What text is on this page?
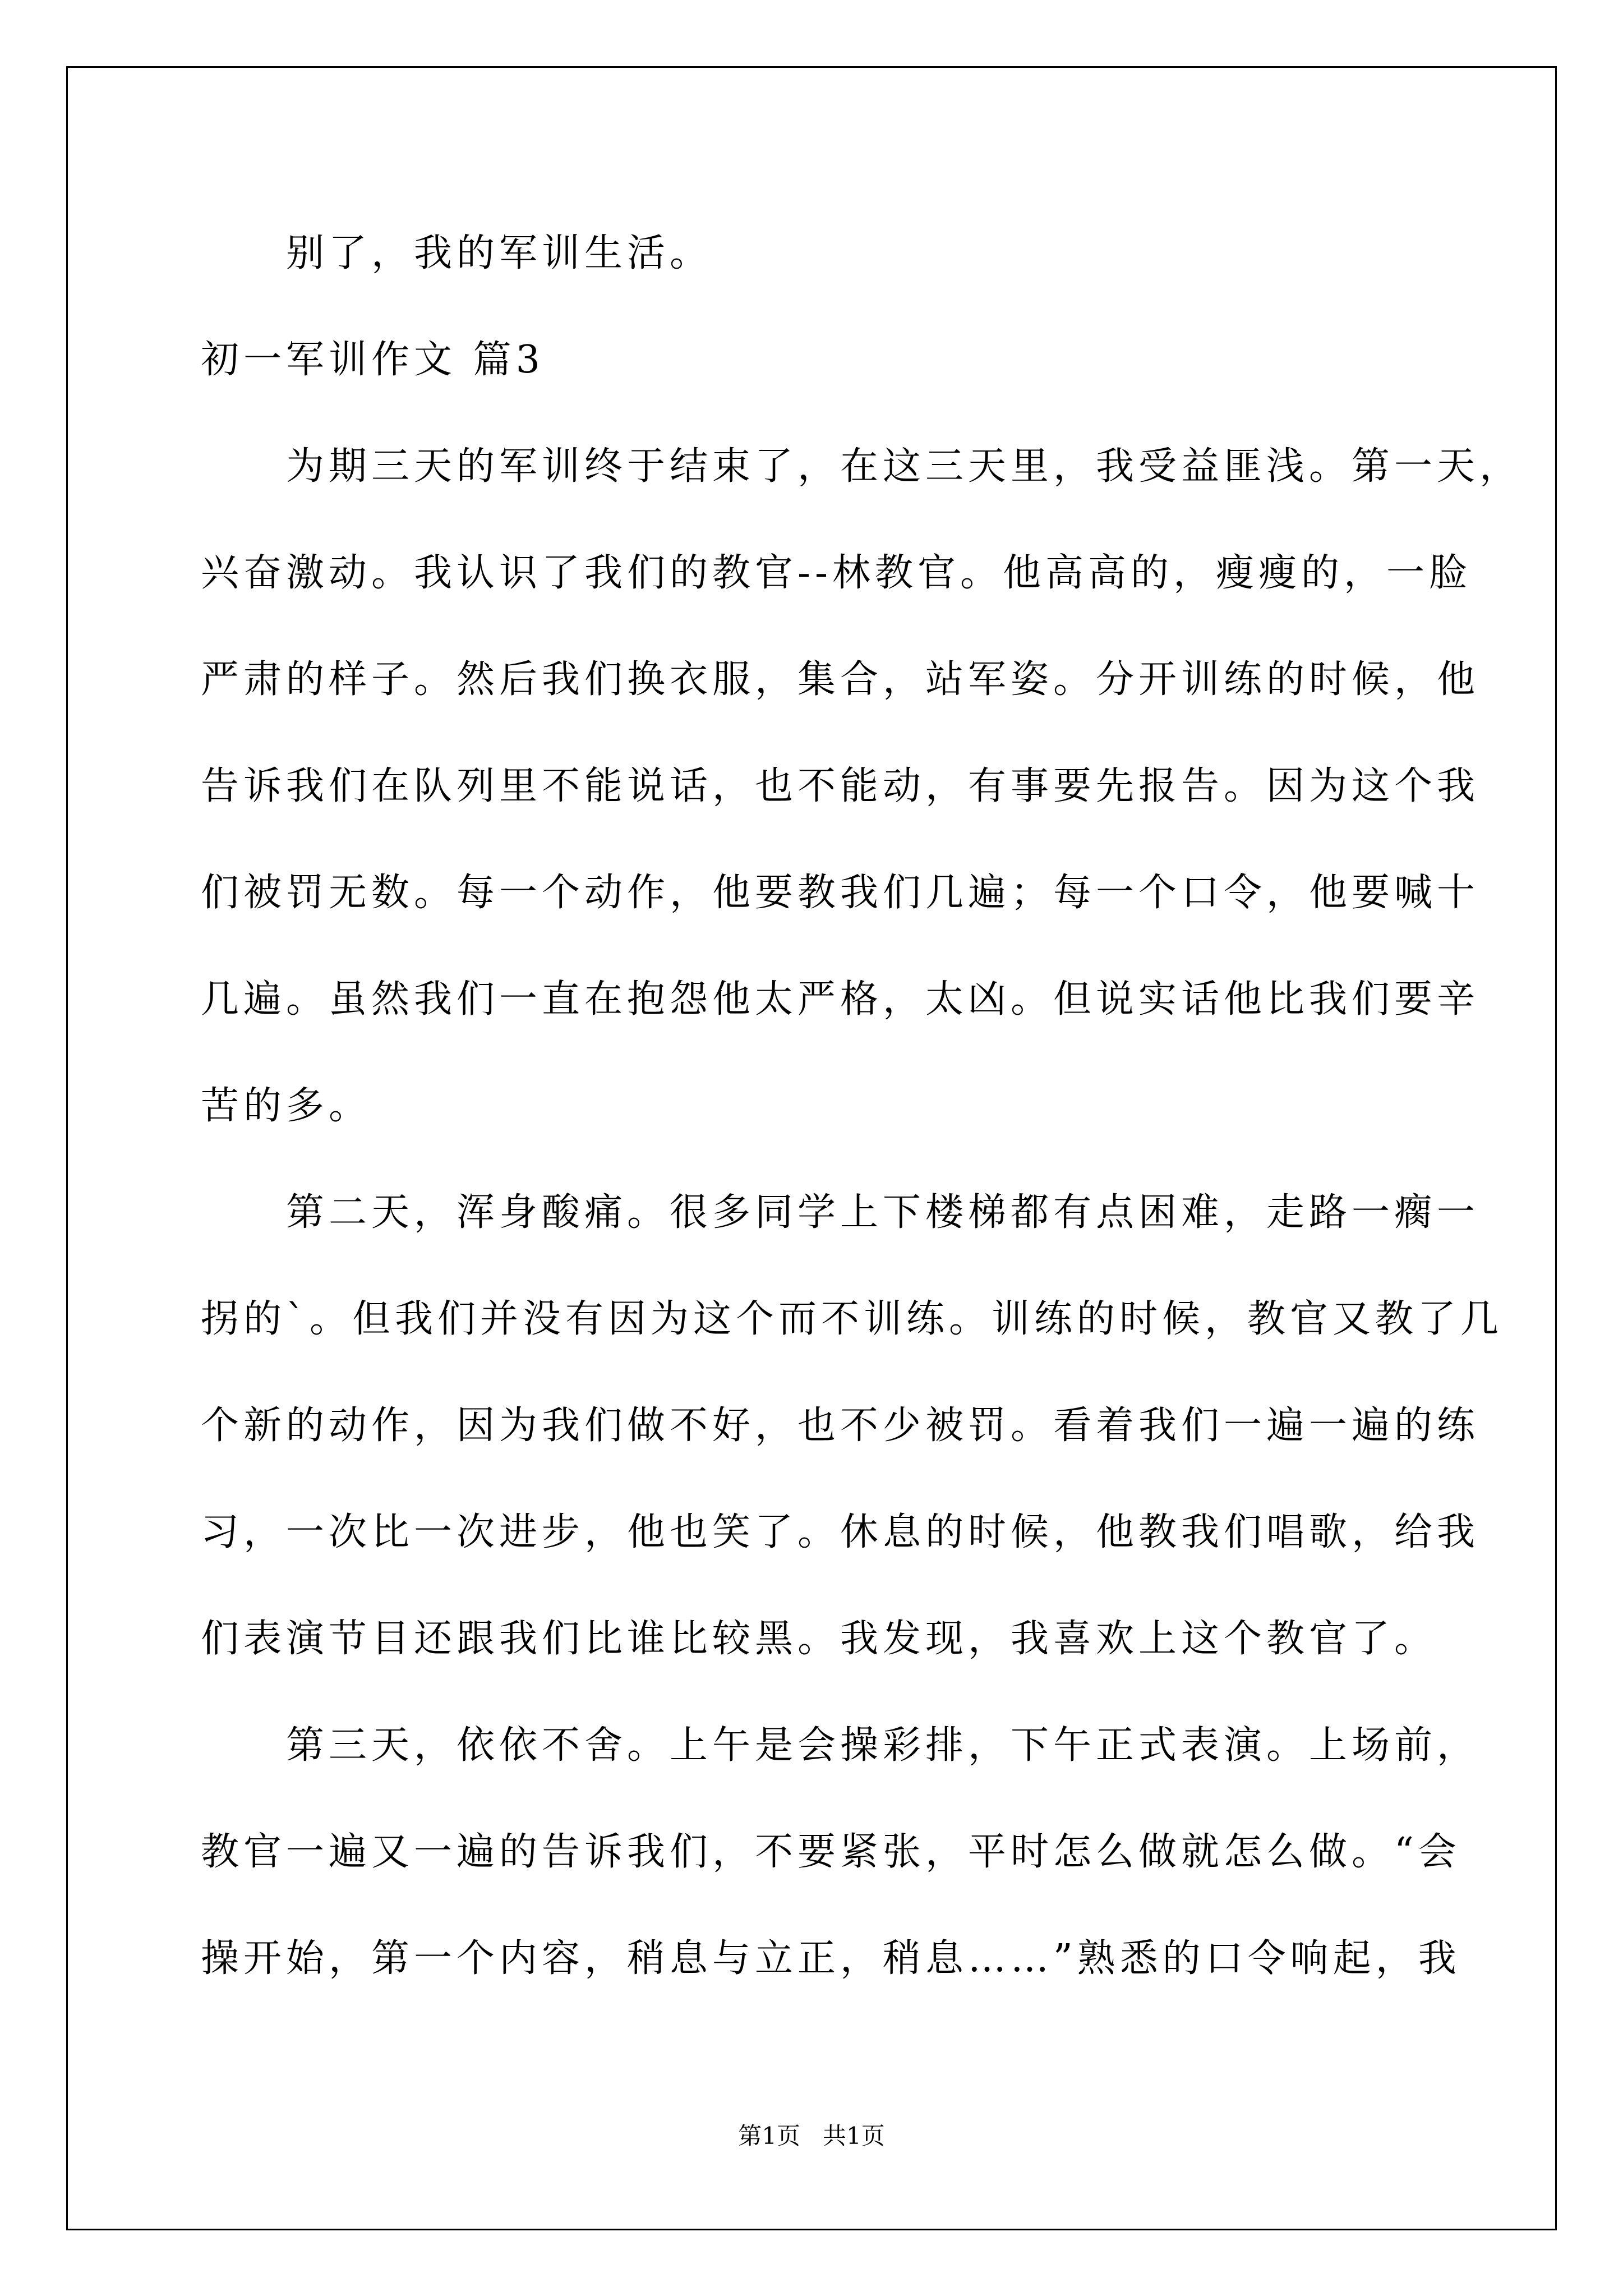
别了，我的军训生活。

初一军训作文 篇3

为期三天的军训终于结束了，在这三天里，我受益匪浅。第一天，

兴奋激动。我认识了我们的教官--林教官。他高高的，瘦瘦的，一脸

严肃的样子。然后我们换衣服，集合，站军姿。分开训练的时候，他

告诉我们在队列里不能说话，也不能动，有事要先报告。因为这个我

们被罚无数。每一个动作，他要教我们几遍；每一个口令，他要喊十

几遍。虽然我们一直在抱怨他太严格，太凶。但说实话他比我们要辛

苦的多。

第二天，浑身酸痛。很多同学上下楼梯都有点困难，走路一瘸一

拐的`。但我们并没有因为这个而不训练。训练的时候，教官又教了几

个新的动作，因为我们做不好，也不少被罚。看着我们一遍一遍的练

习，一次比一次进步，他也笑了。休息的时候，他教我们唱歌，给我

们表演节目还跟我们比谁比较黑。我发现，我喜欢上这个教官了。

第三天，依依不舍。上午是会操彩排，下午正式表演。上场前，

教官一遍又一遍的告诉我们，不要紧张，平时怎么做就怎么做。“会

操开始，第一个内容，稍息与立正，稍息……”熟悉的口令响起，我

第1页   共1页
